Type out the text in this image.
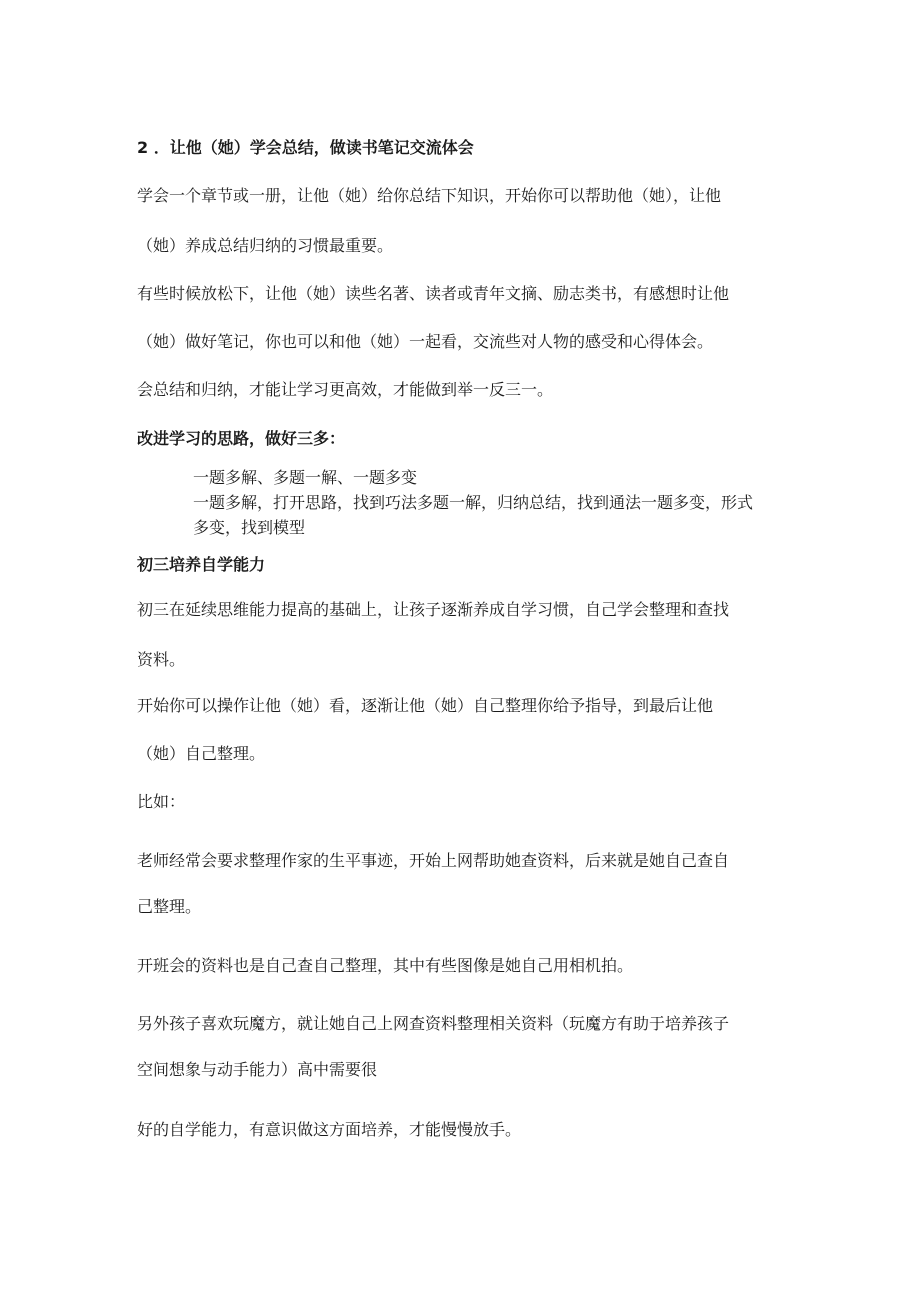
2 ．让他（她）学会总结，做读书笔记交流体会

学会一个章节或一册，让他（她）给你总结下知识，开始你可以帮助他（她），让他

（她）养成总结归纳的习惯最重要。

有些时候放松下，让他（她）读些名著、读者或青年文摘、励志类书，有感想时让他

（她）做好笔记，你也可以和他（她）一起看，交流些对人物的感受和心得体会。

会总结和归纳，才能让学习更高效，才能做到举一反三一。

改进学习的思路，做好三多：

一题多解、多题一解、一题多变

一题多解，打开思路，找到巧法多题一解，归纳总结，找到通法一题多变，形式

多变，找到模型

初三培养自学能力

初三在延续思维能力提高的基础上，让孩子逐渐养成自学习惯，自己学会整理和查找

资料。

开始你可以操作让他（她）看，逐渐让他（她）自己整理你给予指导，到最后让他

（她）自己整理。

比如：

老师经常会要求整理作家的生平事迹，开始上网帮助她查资料，后来就是她自己查自

己整理。

开班会的资料也是自己查自己整理，其中有些图像是她自己用相机拍。

另外孩子喜欢玩魔方，就让她自己上网查资料整理相关资料（玩魔方有助于培养孩子

空间想象与动手能力）高中需要很

好的自学能力，有意识做这方面培养，才能慢慢放手。
